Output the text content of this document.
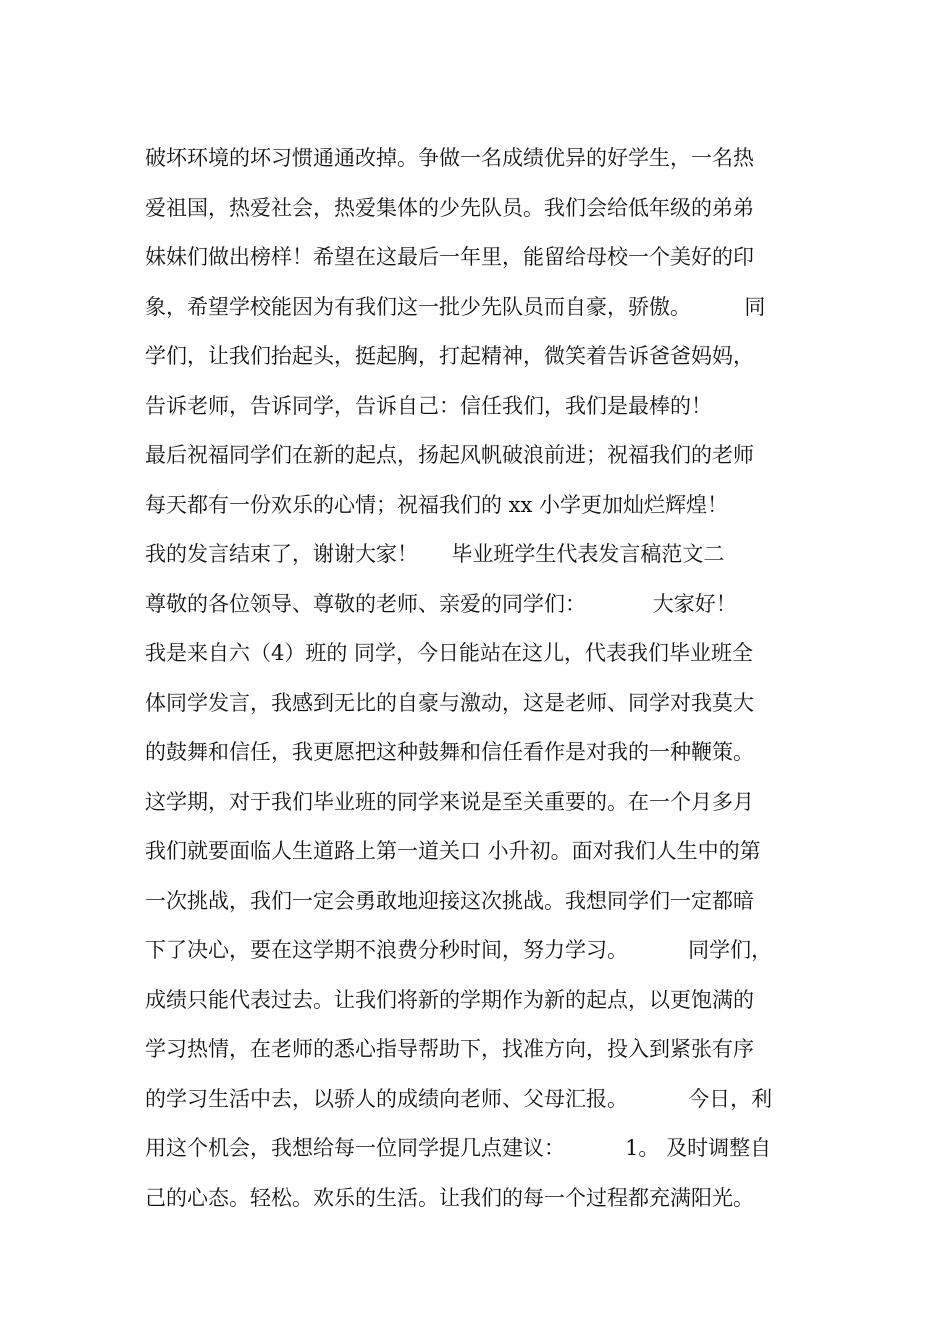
破坏环境的坏习惯通通改掉。争做一名成绩优异的好学生，一名热
爱祖国，热爱社会，热爱集体的少先队员。我们会给低年级的弟弟
妹妹们做出榜样！希望在这最后一年里，能留给母校一个美好的印
象，希望学校能因为有我们这一批少先队员而自豪，骄傲。        同
学们，让我们抬起头，挺起胸，打起精神，微笑着告诉爸爸妈妈，
告诉老师，告诉同学，告诉自己：信任我们，我们是最棒的！
最后祝福同学们在新的起点，扬起风帆破浪前进；祝福我们的老师
每天都有一份欢乐的心情；祝福我们的 xx 小学更加灿烂辉煌！
我的发言结束了，谢谢大家！     毕业班学生代表发言稿范文二
尊敬的各位领导、尊敬的老师、亲爱的同学们：          大家好！
我是来自六（4）班的 同学，今日能站在这儿，代表我们毕业班全
体同学发言，我感到无比的自豪与激动，这是老师、同学对我莫大
的鼓舞和信任，我更愿把这种鼓舞和信任看作是对我的一种鞭策。
这学期，对于我们毕业班的同学来说是至关重要的。在一个月多月
我们就要面临人生道路上第一道关口 小升初。面对我们人生中的第
一次挑战，我们一定会勇敢地迎接这次挑战。我想同学们一定都暗
下了决心，要在这学期不浪费分秒时间，努力学习。         同学们，
成绩只能代表过去。让我们将新的学期作为新的起点，以更饱满的
学习热情，在老师的悉心指导帮助下，找准方向，投入到紧张有序
的学习生活中去，以骄人的成绩向老师、父母汇报。         今日，利
用这个机会，我想给每一位同学提几点建议：         1。 及时调整自
己的心态。轻松。欢乐的生活。让我们的每一个过程都充满阳光。
